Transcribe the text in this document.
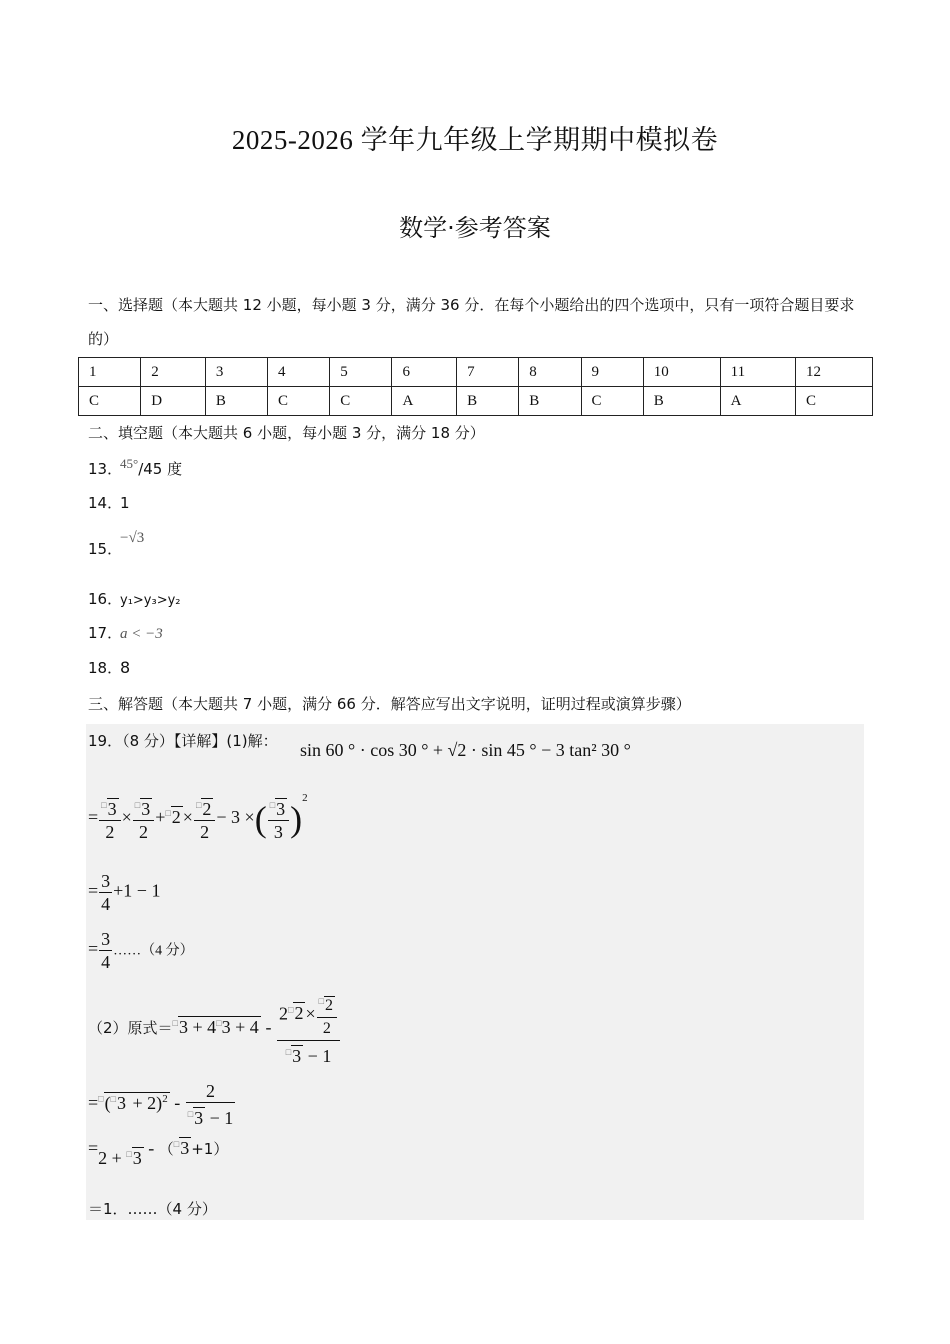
2025-2026 学年九年级上学期期中模拟卷
数学·参考答案
一、选择题（本大题共 12 小题，每小题 3 分，满分 36 分．在每个小题给出的四个选项中，只有一项符合题目要求的）
1	2	3	4	5	6	7	8	9	10	11	12
C	D	B	C	C	A	B	B	C	B	A	C
二、填空题（本大题共 6 小题，每小题 3 分，满分 18 分）
13．45°/45 度
14．1
15．−√3
16．y₁>y₃>y₂
17．a < −3
18．8
三、解答题（本大题共 7 小题，满分 66 分．解答应写出文字说明，证明过程或演算步骤）
19．（8 分）【详解】(1)解： sin 60 ° · cos 30 ° + √2 · sin 45 ° − 3 tan² 30 °
= $\frac{^□3}{2} \times \frac{^□3}{2} +^□2 \times \frac{^□2}{2} - 3$ ×( $\frac{^□3}{3} )^2$
= $\frac{3}{4} +1 - 1$
= $\frac{3}{4}$ ……（4 分）
（2）原式$=^□3 + 4^□3 + 4 - \frac{2^□2 \times \frac{^□2}{2}}{^□3 - 1}$
$=^□(^□3 + 2)^2 - \frac{2}{^□3 - 1}$
=2 + □3 - （□3 +1）
＝1．……（4 分）
